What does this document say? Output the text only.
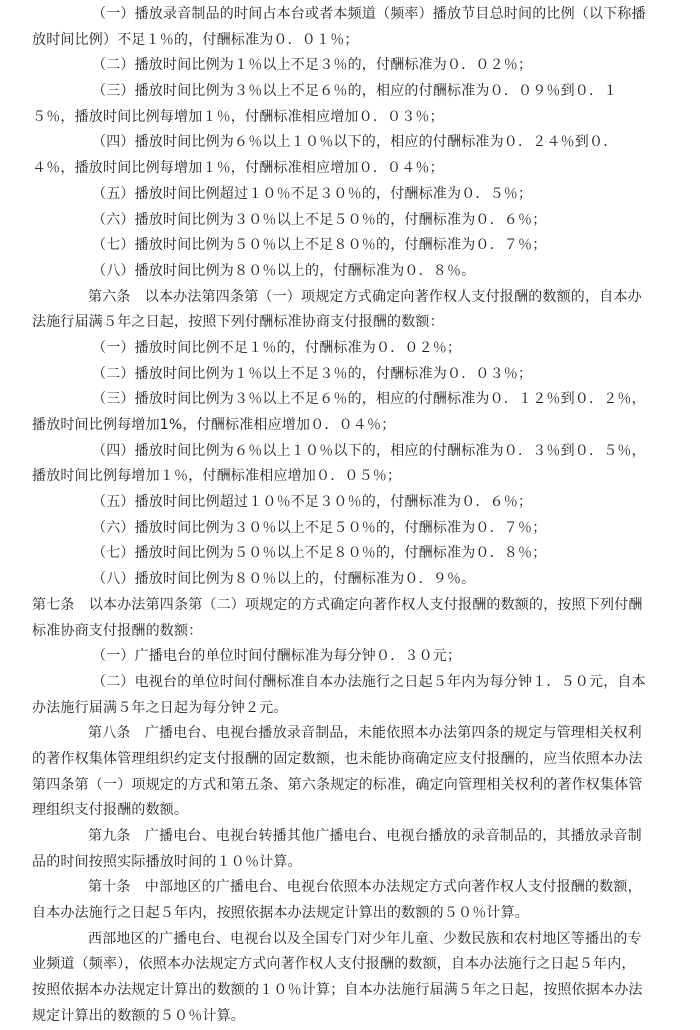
（一）播放录音制品的时间占本台或者本频道（频率）播放节目总时间的比例（以下称播
放时间比例）不足１％的，付酬标准为０．０１％；
（二）播放时间比例为１％以上不足３％的，付酬标准为０．０２％；
（三）播放时间比例为３％以上不足６％的，相应的付酬标准为０．０９％到０．１
５％，播放时间比例每增加１％，付酬标准相应增加０．０３％；
（四）播放时间比例为６％以上１０％以下的，相应的付酬标准为０．２４％到０．
４％，播放时间比例每增加１％，付酬标准相应增加０．０４％；
（五）播放时间比例超过１０％不足３０％的，付酬标准为０．５％；
（六）播放时间比例为３０％以上不足５０％的，付酬标准为０．６％；
（七）播放时间比例为５０％以上不足８０％的，付酬标准为０．７％；
（八）播放时间比例为８０％以上的，付酬标准为０．８％。
第六条　以本办法第四条第（一）项规定方式确定向著作权人支付报酬的数额的，自本办
法施行届满５年之日起，按照下列付酬标准协商支付报酬的数额：
（一）播放时间比例不足１％的，付酬标准为０．０２％；
（二）播放时间比例为１％以上不足３％的，付酬标准为０．０３％；
（三）播放时间比例为３％以上不足６％的，相应的付酬标准为０．１２％到０．２％，
播放时间比例每增加1%，付酬标准相应增加０．０４％；
（四）播放时间比例为６％以上１０％以下的，相应的付酬标准为０．３％到０．５％，
播放时间比例每增加１％，付酬标准相应增加０．０５％；
（五）播放时间比例超过１０％不足３０％的，付酬标准为０．６％；
（六）播放时间比例为３０％以上不足５０％的，付酬标准为０．７％；
（七）播放时间比例为５０％以上不足８０％的，付酬标准为０．８％；
（八）播放时间比例为８０％以上的，付酬标准为０．９％。
第七条　以本办法第四条第（二）项规定的方式确定向著作权人支付报酬的数额的，按照下列付酬
标准协商支付报酬的数额：
（一）广播电台的单位时间付酬标准为每分钟０．３０元；
（二）电视台的单位时间付酬标准自本办法施行之日起５年内为每分钟１．５０元，自本
办法施行届满５年之日起为每分钟２元。
第八条　广播电台、电视台播放录音制品，未能依照本办法第四条的规定与管理相关权利
的著作权集体管理组织约定支付报酬的固定数额，也未能协商确定应支付报酬的，应当依照本办法
第四条第（一）项规定的方式和第五条、第六条规定的标准，确定向管理相关权利的著作权集体管
理组织支付报酬的数额。
第九条　广播电台、电视台转播其他广播电台、电视台播放的录音制品的，其播放录音制
品的时间按照实际播放时间的１０％计算。
第十条　中部地区的广播电台、电视台依照本办法规定方式向著作权人支付报酬的数额，
自本办法施行之日起５年内，按照依据本办法规定计算出的数额的５０％计算。
西部地区的广播电台、电视台以及全国专门对少年儿童、少数民族和农村地区等播出的专
业频道（频率），依照本办法规定方式向著作权人支付报酬的数额，自本办法施行之日起５年内，
按照依据本办法规定计算出的数额的１０％计算；自本办法施行届满５年之日起，按照依据本办法
规定计算出的数额的５０％计算。
